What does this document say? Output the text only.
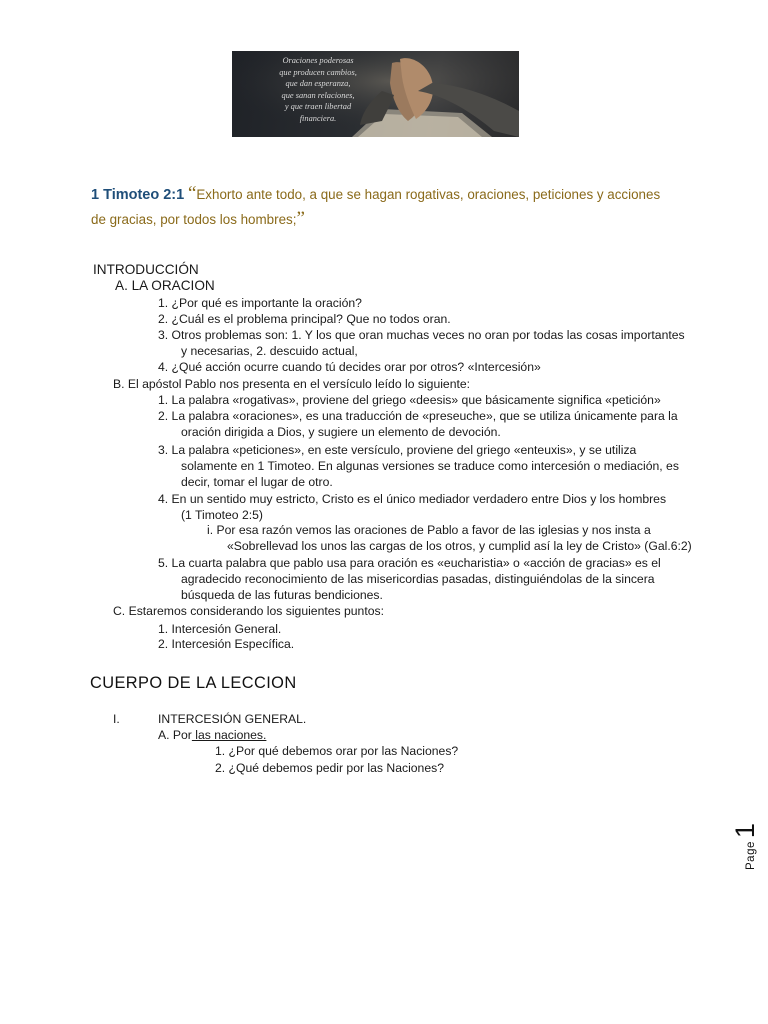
Oraciones poderosas
que producen cambios,
que dan esperanza,
que sanan relaciones,
y que traen libertad
financiera.
1 Timoteo 2:1 “Exhorto ante todo, a que se hagan rogativas, oraciones, peticiones y acciones
de gracias, por todos los hombres;”
INTRODUCCIÓN
A. LA ORACION
1. ¿Por qué es importante la oración?
2. ¿Cuál es el problema principal? Que no todos oran.
3. Otros problemas son: 1. Y los que oran muchas veces no oran por todas las cosas importantes
y necesarias, 2. descuido actual,
4. ¿Qué acción ocurre cuando tú decides orar por otros? «Intercesión»
B. El apóstol Pablo nos presenta en el versículo leído lo siguiente:
1. La palabra «rogativas», proviene del griego «deesis» que básicamente significa «petición»
2. La palabra «oraciones», es una traducción de «preseuche», que se utiliza únicamente para la
oración dirigida a Dios, y sugiere un elemento de devoción.
3. La palabra «peticiones», en este versículo, proviene del griego «enteuxis», y se utiliza
solamente en 1 Timoteo. En algunas versiones se traduce como intercesión o mediación, es
decir, tomar el lugar de otro.
4. En un sentido muy estricto, Cristo es el único mediador verdadero entre Dios y los hombres
(1 Timoteo 2:5)
i. Por esa razón vemos las oraciones de Pablo a favor de las iglesias y nos insta a
«Sobrellevad los unos las cargas de los otros, y cumplid así la ley de Cristo» (Gal.6:2)
5. La cuarta palabra que pablo usa para oración es «eucharistia» o «acción de gracias» es el
agradecido reconocimiento de las misericordias pasadas, distinguiéndolas de la sincera
búsqueda de las futuras bendiciones.
C. Estaremos considerando los siguientes puntos:
1. Intercesión General.
2. Intercesión Específica.
CUERPO DE LA LECCION
I.	INTERCESIÓN GENERAL.
A. Por las naciones.
1. ¿Por qué debemos orar por las Naciones?
2. ¿Qué debemos pedir por las Naciones?
Page1
